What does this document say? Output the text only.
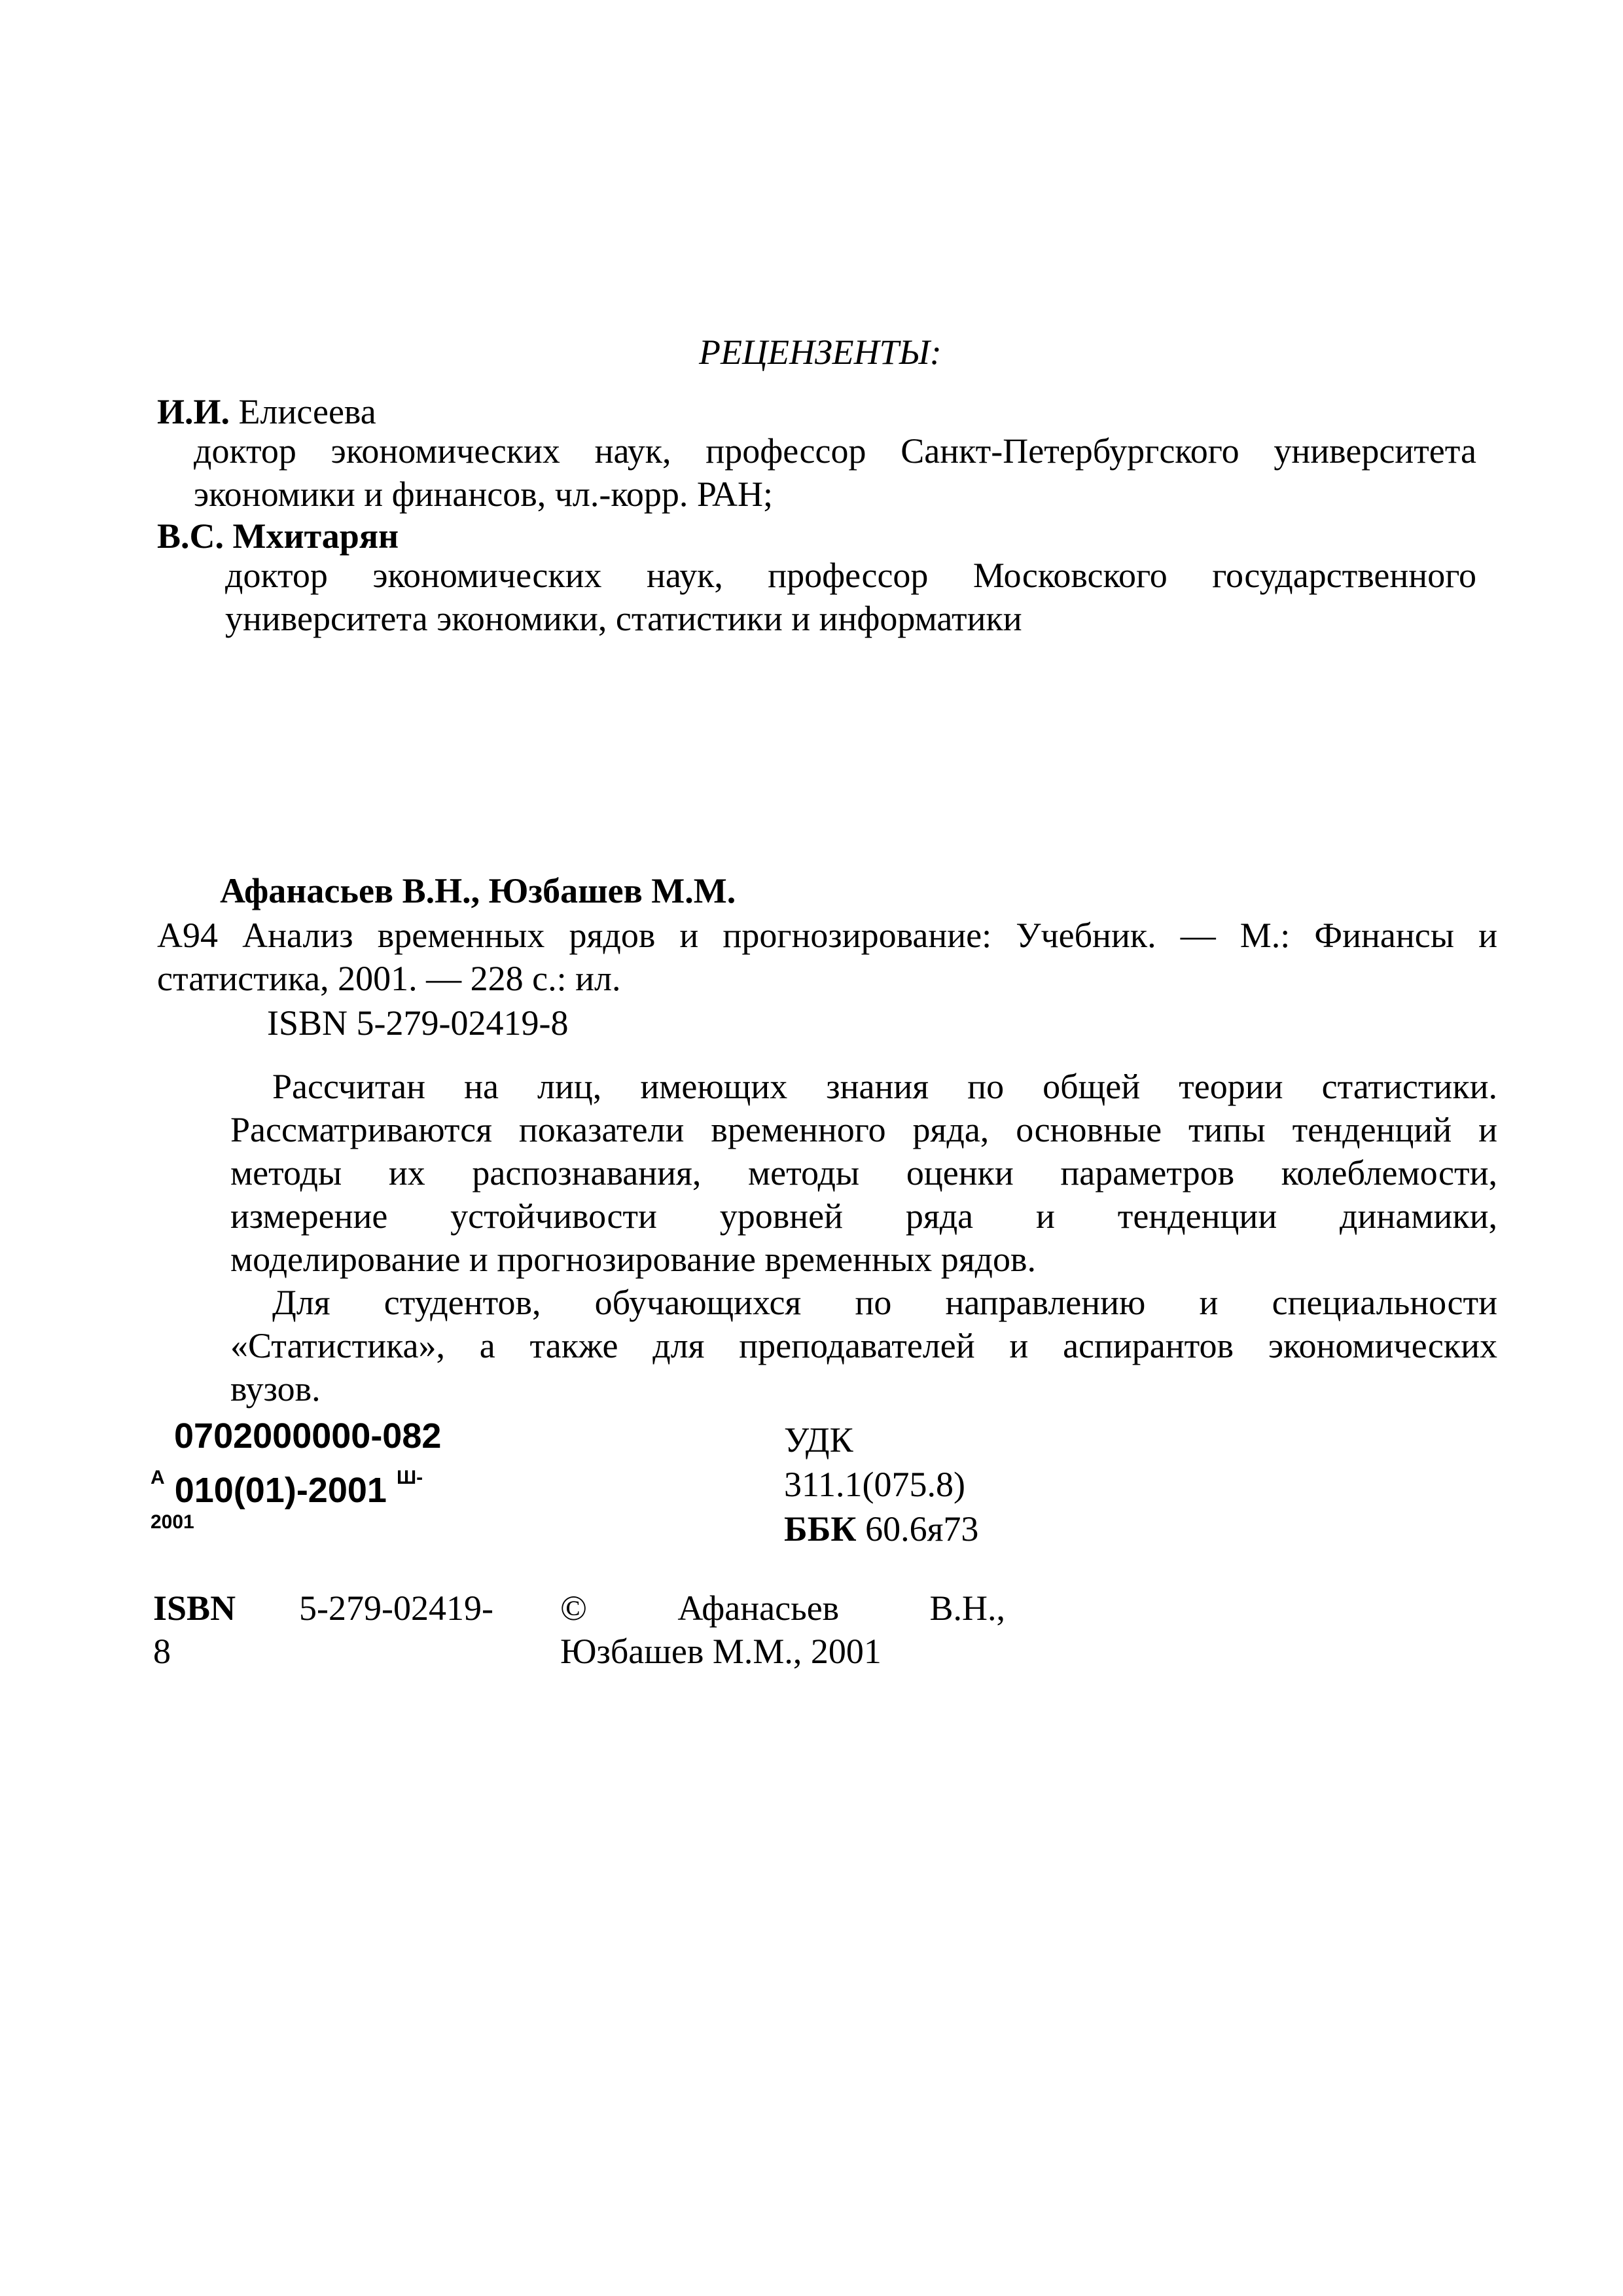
РЕЦЕНЗЕНТЫ:
И.И. Елисеева
доктор экономических наук, профессор Санкт-Петербургского университета
экономики и финансов, чл.-корр. РАН;
В.С. Мхитарян
доктор экономических наук, профессор Московского государственного
университета экономики, статистики и информатики
Афанасьев В.Н., Юзбашев М.М.
А94 Анализ временных рядов и прогнозирование: Учебник. — М.: Финансы и
статистика, 2001. — 228 с.: ил.
ISBN 5-279-02419-8

Рассчитан на лиц, имеющих знания по общей теории статистики.

Рассматриваются показатели временного ряда, основные типы тенденций и

методы их распознавания, методы оценки параметров колеблемости,

измерение устойчивости уровней ряда и тенденции динамики,

моделирование и прогнозирование временных рядов.

Для студентов, обучающихся по направлению и специальности

«Статистика», а также для преподавателей и аспирантов экономических

вузов.

0702000000-082
$^А$ 010(01)-2001 $^{Ш-}$
2001
УДК
311.1(075.8)
ББК 60.6я73
ISBN 5-279-02419-
8
©	Афанасьев	В.Н.,
Юзбашев М.М., 2001
